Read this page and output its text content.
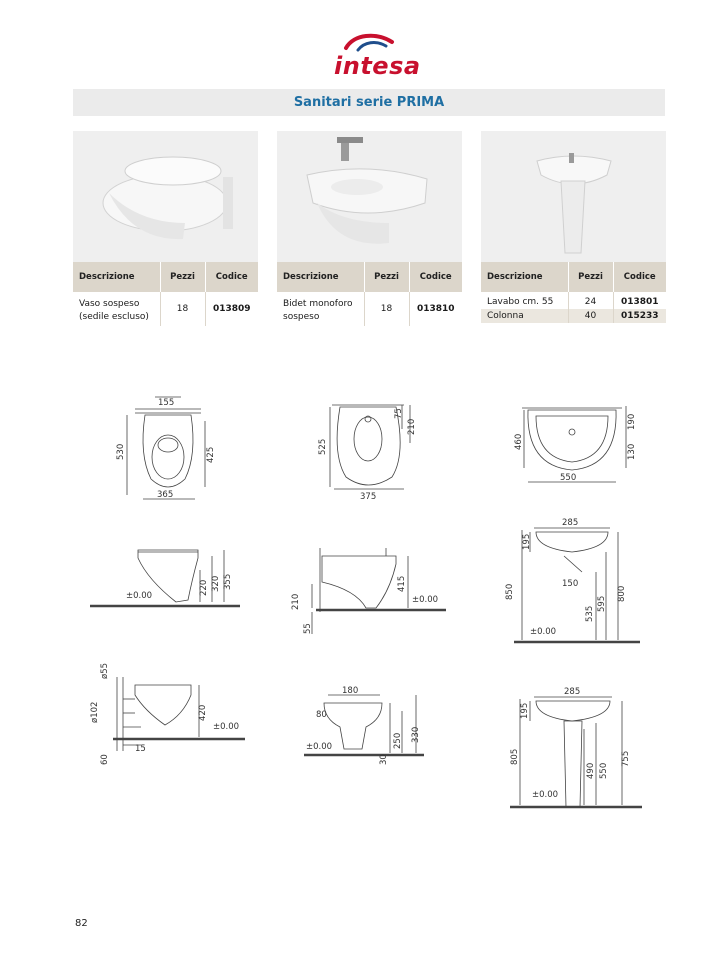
intesa
Sanitari serie PRIMA
Descrizione	Pezzi	Codice
Vaso sospeso
(sedile escluso)	18	013809
Descrizione	Pezzi	Codice
Bidet monoforo
sospeso	18	013810
Descrizione	Pezzi	Codice
Lavabo cm. 55	24	013801
Colonna	40	015233
155
530	425
365
525
75
210
375
460
190
130
550
±0.00	220 320 355
210
55
415
±0.00
285
195
850	150
535
595
800
±0.00
ø55
ø102	420
±0.00
60
15
180
80
±0.00
30
250 330
285
195
805
490 550
755
±0.00
82
